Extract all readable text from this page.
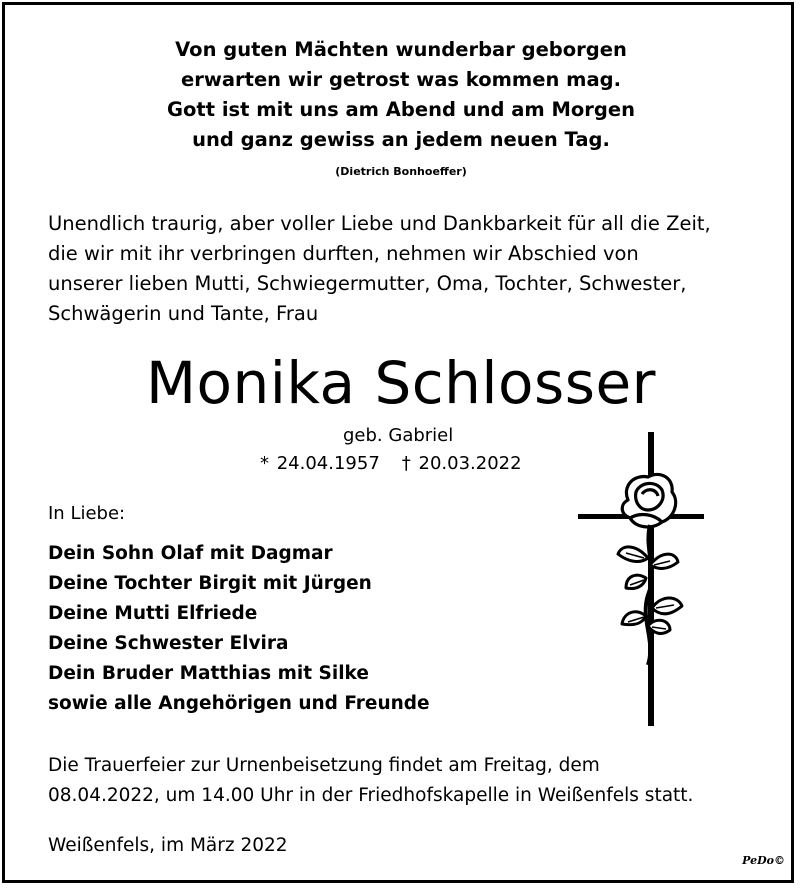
Von guten Mächten wunderbar geborgen
erwarten wir getrost was kommen mag.
Gott ist mit uns am Abend und am Morgen
und ganz gewiss an jedem neuen Tag.
(Dietrich Bonhoeffer)
Unendlich traurig, aber voller Liebe und Dankbarkeit für all die Zeit,
die wir mit ihr verbringen durften, nehmen wir Abschied von
unserer lieben Mutti, Schwiegermutter, Oma, Tochter, Schwester,
Schwägerin und Tante, Frau
Monika Schlosser
geb. Gabriel
* 24.04.1957 † 20.03.2022
In Liebe:
Dein Sohn Olaf mit Dagmar
Deine Tochter Birgit mit Jürgen
Deine Mutti Elfriede
Deine Schwester Elvira
Dein Bruder Matthias mit Silke
sowie alle Angehörigen und Freunde
Die Trauerfeier zur Urnenbeisetzung findet am Freitag, dem
08.04.2022, um 14.00 Uhr in der Friedhofskapelle in Weißenfels statt.
Weißenfels, im März 2022
PeDo©
